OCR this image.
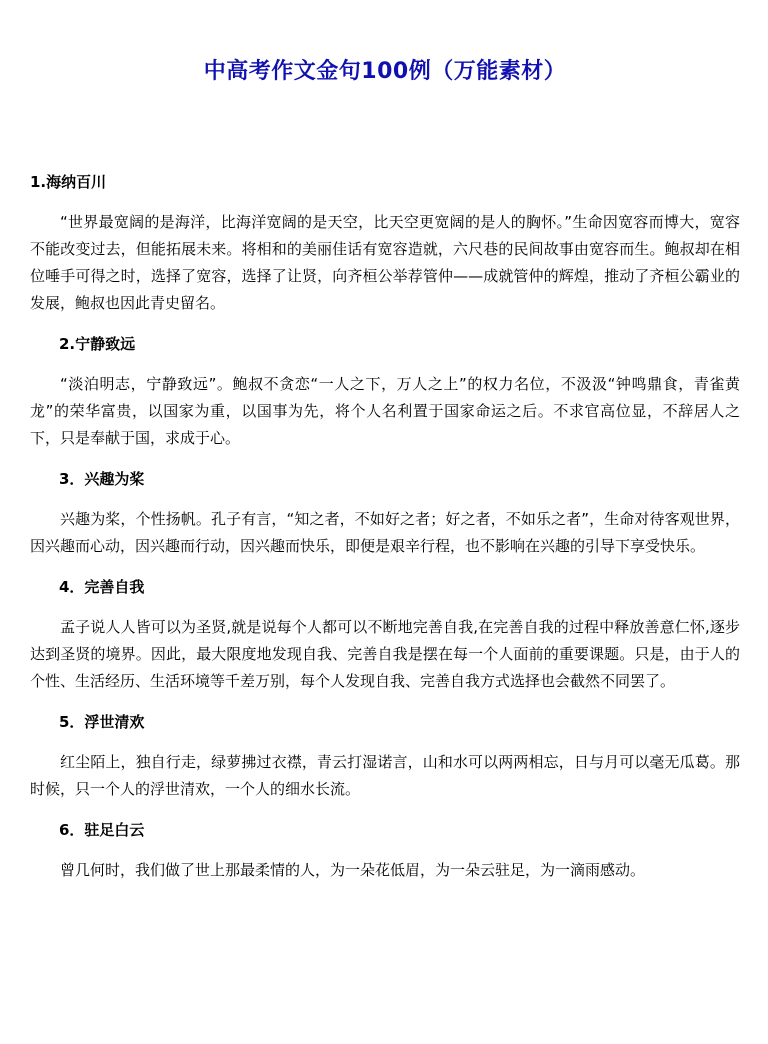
中高考作文金句100例（万能素材）

1.海纳百川

“世界最宽阔的是海洋，比海洋宽阔的是天空，比天空更宽阔的是人的胸怀。”生命因宽容而博大，宽容不能改变过去，但能拓展未来。将相和的美丽佳话有宽容造就，六尺巷的民间故事由宽容而生。鲍叔却在相位唾手可得之时，选择了宽容，选择了让贤，向齐桓公举荐管仲——成就管仲的辉煌，推动了齐桓公霸业的发展，鲍叔也因此青史留名。

2.宁静致远

“淡泊明志，宁静致远”。鲍叔不贪恋“一人之下，万人之上”的权力名位，不汲汲“钟鸣鼎食，青雀黄龙”的荣华富贵，以国家为重，以国事为先，将个人名利置于国家命运之后。不求官高位显，不辞居人之下，只是奉献于国，求成于心。

3．兴趣为桨

兴趣为桨，个性扬帆。孔子有言，“知之者，不如好之者；好之者，不如乐之者”，生命对待客观世界，因兴趣而心动，因兴趣而行动，因兴趣而快乐，即便是艰辛行程，也不影响在兴趣的引导下享受快乐。

4．完善自我

孟子说人人皆可以为圣贤,就是说每个人都可以不断地完善自我,在完善自我的过程中释放善意仁怀,逐步达到圣贤的境界。因此，最大限度地发现自我、完善自我是摆在每一个人面前的重要课题。只是，由于人的个性、生活经历、生活环境等千差万别，每个人发现自我、完善自我方式选择也会截然不同罢了。

5．浮世清欢

红尘陌上，独自行走，绿萝拂过衣襟，青云打湿诺言，山和水可以两两相忘，日与月可以毫无瓜葛。那时候，只一个人的浮世清欢，一个人的细水长流。

6．驻足白云

曾几何时，我们做了世上那最柔情的人，为一朵花低眉，为一朵云驻足，为一滴雨感动。
